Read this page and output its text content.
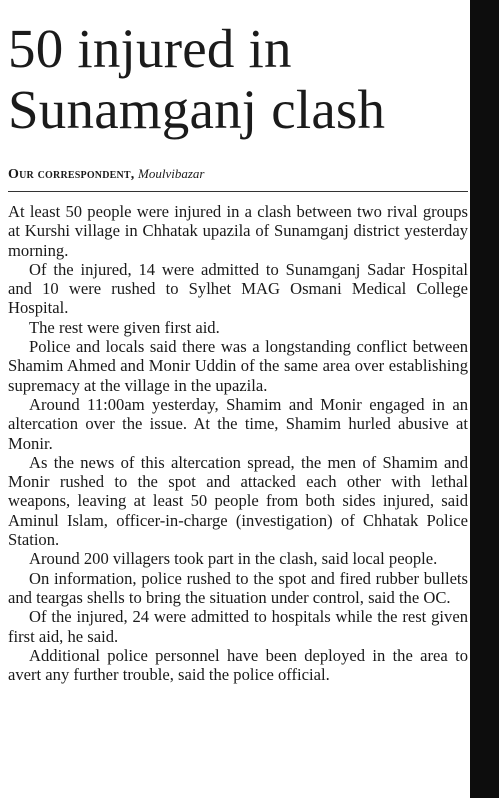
50 injured in Sunamganj clash
Our correspondent, Moulvibazar

At least 50 people were injured in a clash between two rival groups at Kurshi village in Chhatak upazila of Sunamganj district yesterday morning.

Of the injured, 14 were admitted to Sunamganj Sadar Hospital and 10 were rushed to Sylhet MAG Osmani Medical College Hospital.

The rest were given first aid.

Police and locals said there was a longstanding conflict between Shamim Ahmed and Monir Uddin of the same area over establishing supremacy at the village in the upazila.

Around 11:00am yesterday, Shamim and Monir engaged in an altercation over the issue. At the time, Shamim hurled abusive at Monir.

As the news of this altercation spread, the men of Shamim and Monir rushed to the spot and attacked each other with lethal weapons, leaving at least 50 people from both sides injured, said Aminul Islam, officer-in-charge (investigation) of Chhatak Police Station.

Around 200 villagers took part in the clash, said local people.

On information, police rushed to the spot and fired rubber bullets and teargas shells to bring the situation under control, said the OC.

Of the injured, 24 were admitted to hospitals while the rest given first aid, he said.

Additional police personnel have been deployed in the area to avert any further trouble, said the police official.
